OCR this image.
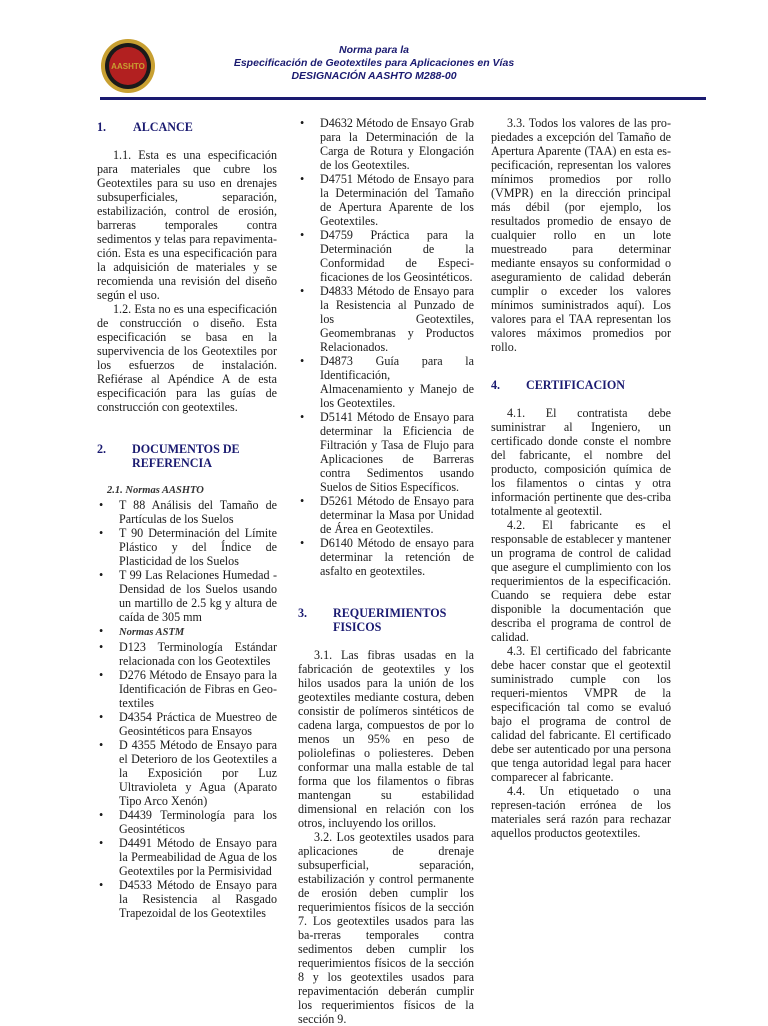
AASHTO
Norma para la
Especificación de Geotextiles para Aplicaciones en Vías
DESIGNACIÓN AASHTO M288-00
1. ALCANCE

1.1. Esta es una especificación para materiales que cubre los Geotextiles para su uso en drenajes subsuperficiales, separación, estabilización, control de erosión, barreras temporales contra sedimentos y telas para repavimenta-ción. Esta es una especificación para la adquisición de materiales y se recomienda una revisión del diseño según el uso.

1.2. Esta no es una especificación de construcción o diseño. Esta especificación se basa en la supervivencia de los Geotextiles por los esfuerzos de instalación. Refiérase al Apéndice A de esta especificación para las guías de construcción con geotextiles.

2.	DOCUMENTOS DE REFERENCIA
2.1. Normas AASHTO
• T 88 Análisis del Tamaño de Partículas de los Suelos
• T 90 Determinación del Límite Plástico y del Índice de Plasticidad de los Suelos
• T 99 Las Relaciones Humedad - Densidad de los Suelos usando un martillo de 2.5 kg y altura de caída de 305 mm
• Normas ASTM
• D123 Terminología Estándar relacionada con los Geotextiles
• D276 Método de Ensayo para la Identificación de Fibras en Geo-textiles
• D4354 Práctica de Muestreo de Geosintéticos para Ensayos
• D 4355 Método de Ensayo para el Deterioro de los Geotextiles a la Exposición por Luz Ultravioleta y Agua (Aparato Tipo Arco Xenón)
• D4439 Terminología para los Geosintéticos
• D4491 Método de Ensayo para la Permeabilidad de Agua de los Geotextiles por la Permisividad
• D4533 Método de Ensayo para la Resistencia al Rasgado Trapezoidal de los Geotextiles
• D4632 Método de Ensayo Grab para la Determinación de la Carga de Rotura y Elongación de los Geotextiles.
• D4751 Método de Ensayo para la Determinación del Tamaño de Apertura Aparente de los Geotextiles.
• D4759 Práctica para la Determinación de la Conformidad de Especi-ficaciones de los Geosintéticos.
• D4833 Método de Ensayo para la Resistencia al Punzado de los Geotextiles, Geomembranas y Productos Relacionados.
• D4873 Guía para la Identificación, Almacenamiento y Manejo de los Geotextiles.
• D5141 Método de Ensayo para determinar la Eficiencia de Filtración y Tasa de Flujo para Aplicaciones de Barreras contra Sedimentos usando Suelos de Sitios Específicos.
• D5261 Método de Ensayo para determinar la Masa por Unidad de Área en Geotextiles.
• D6140 Método de ensayo para determinar la retención de asfalto en geotextiles.
3.	REQUERIMIENTOS FISICOS

3.1. Las fibras usadas en la fabricación de geotextiles y los hilos usados para la unión de los geotextiles mediante costura, deben consistir de polímeros sintéticos de cadena larga, compuestos de por lo menos un 95% en peso de poliolefinas o poliesteres. Deben conformar una malla estable de tal forma que los filamentos o fibras mantengan su estabilidad dimensional en relación con los otros, incluyendo los orillos.

3.2. Los geotextiles usados para aplicaciones de drenaje subsuperficial, separación, estabilización y control permanente de erosión deben cumplir los requerimientos físicos de la sección 7. Los geotextiles usados para las ba-rreras temporales contra sedimentos deben cumplir los requerimientos físicos de la sección 8 y los geotextiles usados para repavimentación deberán cumplir los requerimientos físicos de la sección 9.

3.3. Todos los valores de las pro-piedades a excepción del Tamaño de Apertura Aparente (TAA) en esta es-pecificación, representan los valores mínimos promedios por rollo (VMPR) en la dirección principal más débil (por ejemplo, los resultados promedio de ensayo de cualquier rollo en un lote muestreado para determinar mediante ensayos su conformidad o aseguramiento de calidad deberán cumplir o exceder los valores mínimos suministrados aquí). Los valores para el TAA representan los valores máximos promedios por rollo.

4.	CERTIFICACION

4.1. El contratista debe suministrar al Ingeniero, un certificado donde conste el nombre del fabricante, el nombre del producto, composición química de los filamentos o cintas y otra información pertinente que des-criba totalmente al geotextil.

4.2. El fabricante es el responsable de establecer y mantener un programa de control de calidad que asegure el cumplimiento con los requerimientos de la especificación. Cuando se requiera debe estar disponible la documentación que describa el programa de control de calidad.

4.3. El certificado del fabricante debe hacer constar que el geotextil suministrado cumple con los requeri-mientos VMPR de la especificación tal como se evaluó bajo el programa de control de calidad del fabricante. El certificado debe ser autenticado por una persona que tenga autoridad legal para hacer comparecer al fabricante.

4.4. Un etiquetado o una represen-tación errónea de los materiales será razón para rechazar aquellos productos geotextiles.
